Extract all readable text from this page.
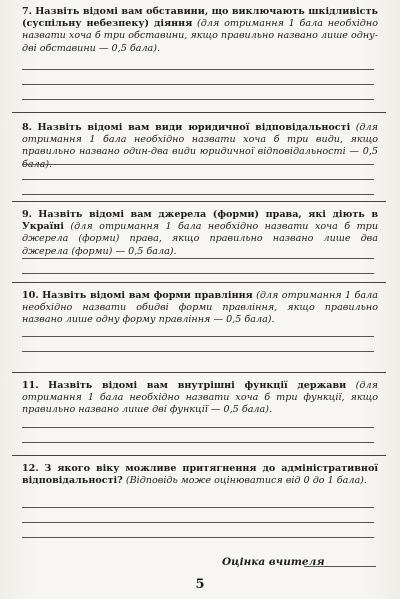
7. Назвіть відомі вам обставини, що виключають шкідливість (суспільну небезпеку) діяння (для отримання 1 бала необхідно назвати хоча б три обставини, якщо правильно названо лише одну-дві обставини — 0,5 бала).
8. Назвіть відомі вам види юридичної відповідальності (для отримання 1 бала необхідно назвати хоча б три види, якщо правильно названо один-два види юридичної відповідальності — 0,5 бала).
9. Назвіть відомі вам джерела (форми) права, які діють в Україні (для отримання 1 бала необхідно назвати хоча б три джерела (форми) права, якщо правильно названо лише два джерела (форми) — 0,5 бала).
10. Назвіть відомі вам форми правління (для отримання 1 бала необхідно назвати обидві форми правління, якщо правильно названо лише одну форму правління — 0,5 бала).
11. Назвіть відомі вам внутрішні функції держави (для отримання 1 бала необхідно назвати хоча б три функції, якщо правильно названо лише дві функції — 0,5 бала).
12. З якого віку можливе притягнення до адміністративної відповідальності? (Відповідь може оцінюватися від 0 до 1 бала).
Оцінка вчителя
5
